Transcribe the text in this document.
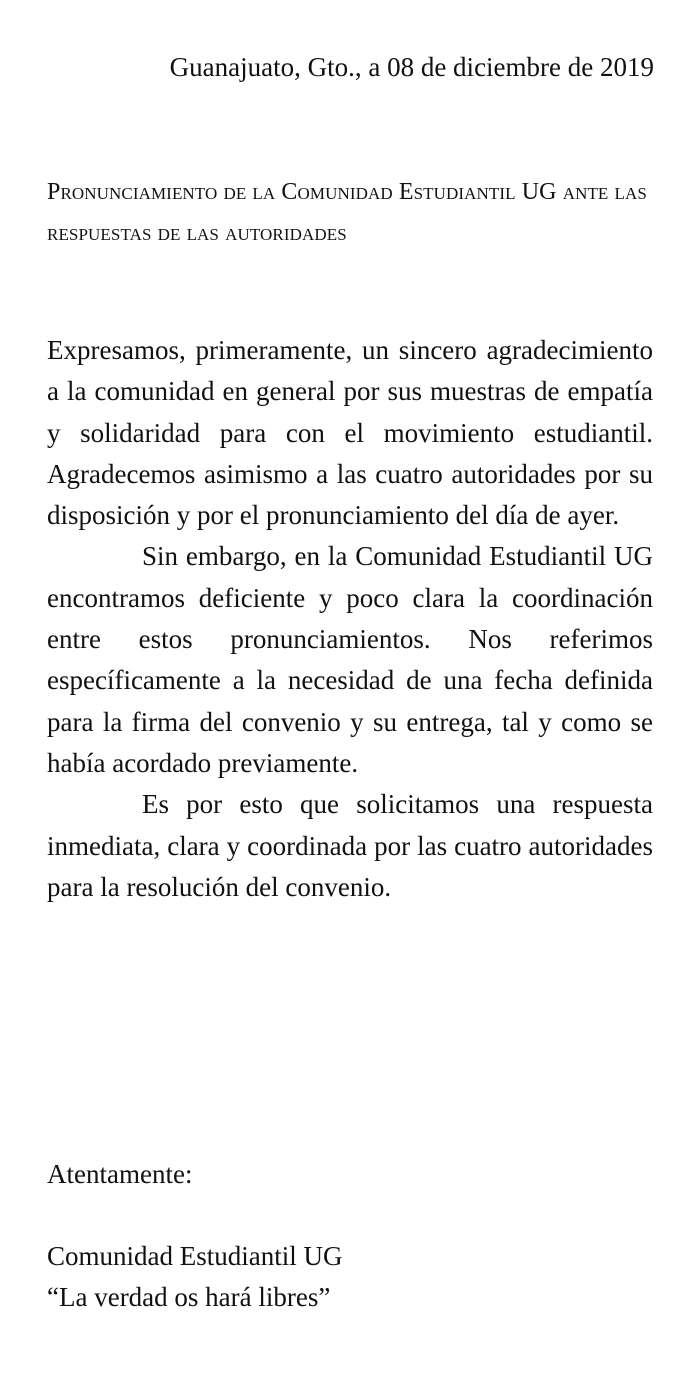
Guanajuato, Gto., a 08 de diciembre de 2019
Pronunciamiento de la Comunidad Estudiantil UG ante las respuestas de las autoridades

Expresamos, primeramente, un sincero agradecimiento a la comunidad en general por sus muestras de empatía y solidaridad para con el movimiento estudiantil. Agradecemos asimismo a las cuatro autoridades por su disposición y por el pronunciamiento del día de ayer.

Sin embargo, en la Comunidad Estudiantil UG encontramos deficiente y poco clara la coordinación entre estos pronunciamientos. Nos referimos específicamente a la necesidad de una fecha definida para la firma del convenio y su entrega, tal y como se había acordado previamente.

Es por esto que solicitamos una respuesta inmediata, clara y coordinada por las cuatro autoridades para la resolución del convenio.

Atentamente:
Comunidad Estudiantil UG
“La verdad os hará libres”
